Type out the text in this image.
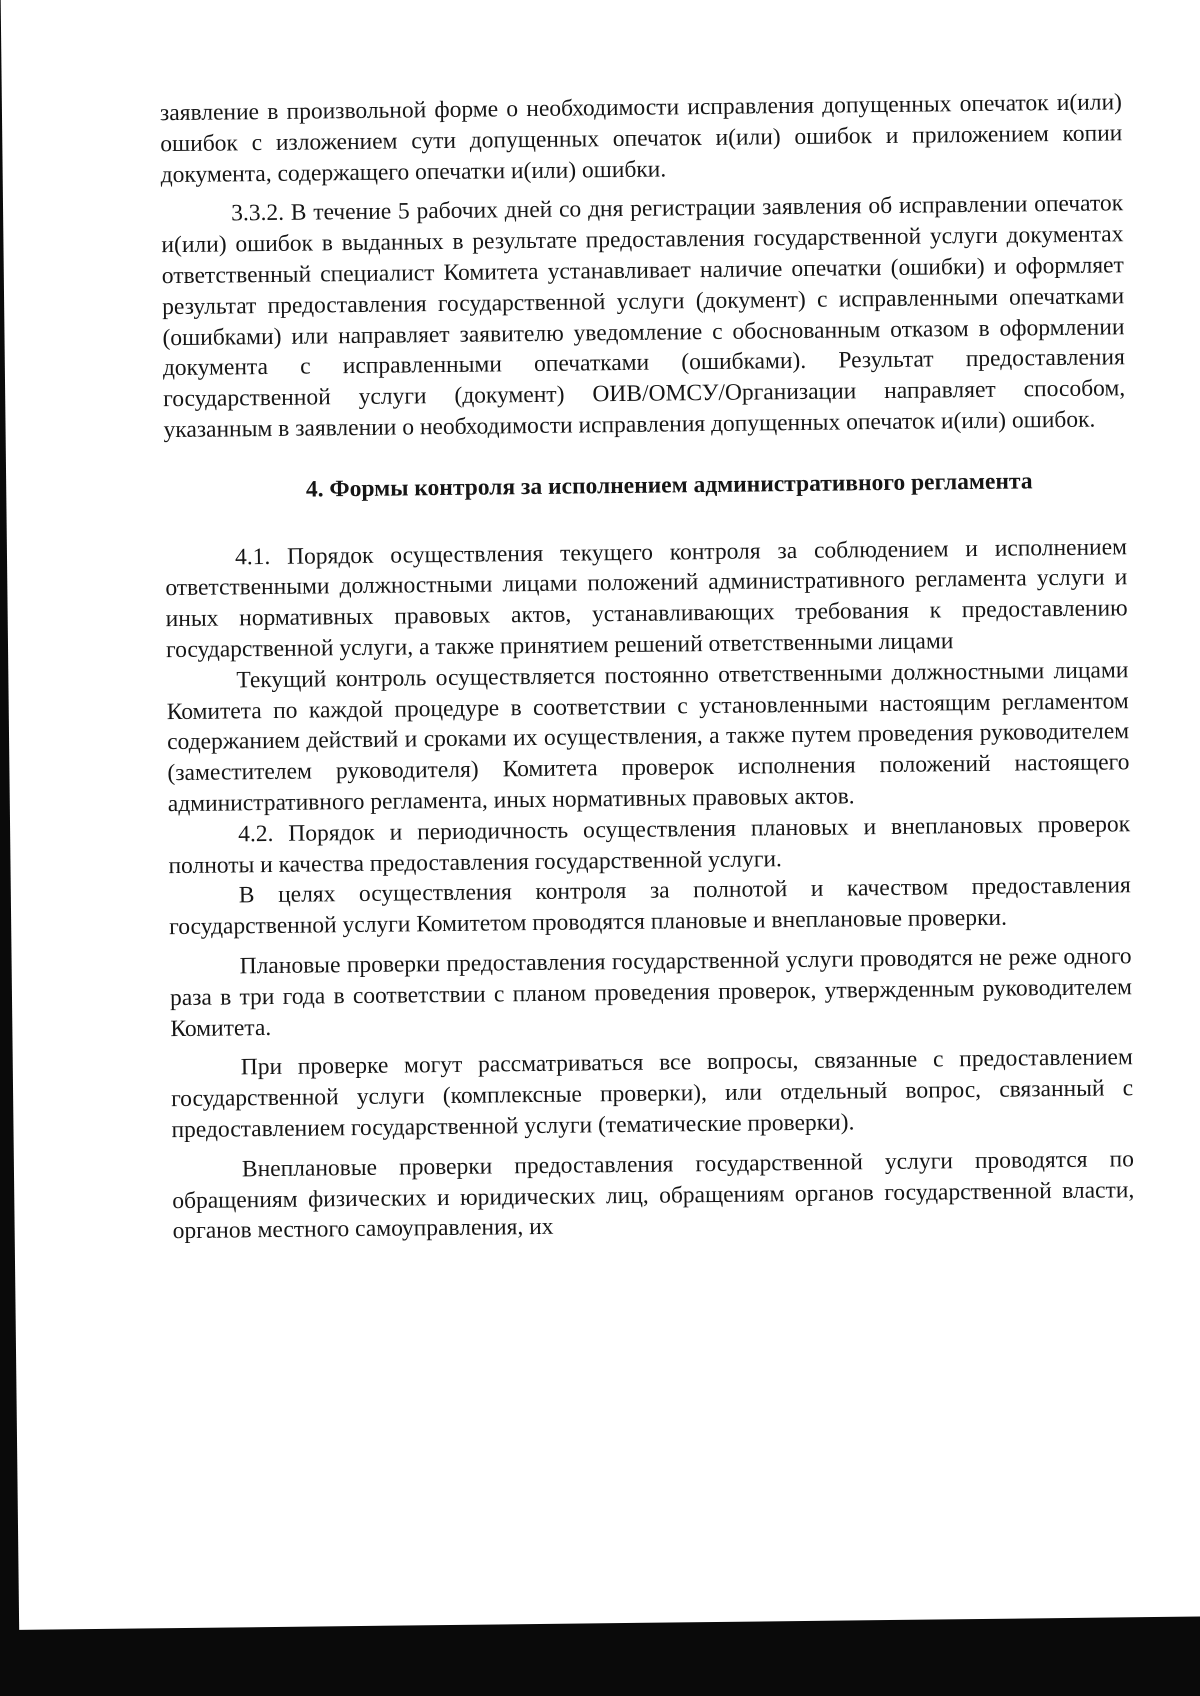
заявление в произвольной форме о необходимости исправления допущенных опечаток и(или) ошибок с изложением сути допущенных опечаток и(или) ошибок и приложением копии документа, содержащего опечатки и(или) ошибки.

3.3.2. В течение 5 рабочих дней со дня регистрации заявления об исправлении опечаток и(или) ошибок в выданных в результате предоставления государственной услуги документах ответственный специалист Комитета устанавливает наличие опечатки (ошибки) и оформляет результат предоставления государственной услуги (документ) с исправленными опечатками (ошибками) или направляет заявителю уведомление с обоснованным отказом в оформлении документа с исправленными опечатками (ошибками). Результат предоставления государственной услуги (документ) ОИВ/ОМСУ/Организации направляет способом, указанным в заявлении о необходимости исправления допущенных опечаток и(или) ошибок.

4. Формы контроля за исполнением административного регламента

4.1. Порядок осуществления текущего контроля за соблюдением и исполнением ответственными должностными лицами положений административного регламента услуги и иных нормативных правовых актов, устанавливающих требования к предоставлению государственной услуги, а также принятием решений ответственными лицами

Текущий контроль осуществляется постоянно ответственными должностными лицами Комитета по каждой процедуре в соответствии с установленными настоящим регламентом содержанием действий и сроками их осуществления, а также путем проведения руководителем (заместителем руководителя) Комитета проверок исполнения положений настоящего административного регламента, иных нормативных правовых актов.

4.2. Порядок и периодичность осуществления плановых и внеплановых проверок полноты и качества предоставления государственной услуги.

В целях осуществления контроля за полнотой и качеством предоставления государственной услуги Комитетом проводятся плановые и внеплановые проверки.

Плановые проверки предоставления государственной услуги проводятся не реже одного раза в три года в соответствии с планом проведения проверок, утвержденным руководителем Комитета.

При проверке могут рассматриваться все вопросы, связанные с предоставлением государственной услуги (комплексные проверки), или отдельный вопрос, связанный с предоставлением государственной услуги (тематические проверки).

Внеплановые проверки предоставления государственной услуги проводятся по обращениям физических и юридических лиц, обращениям органов государственной власти, органов местного самоуправления, их
